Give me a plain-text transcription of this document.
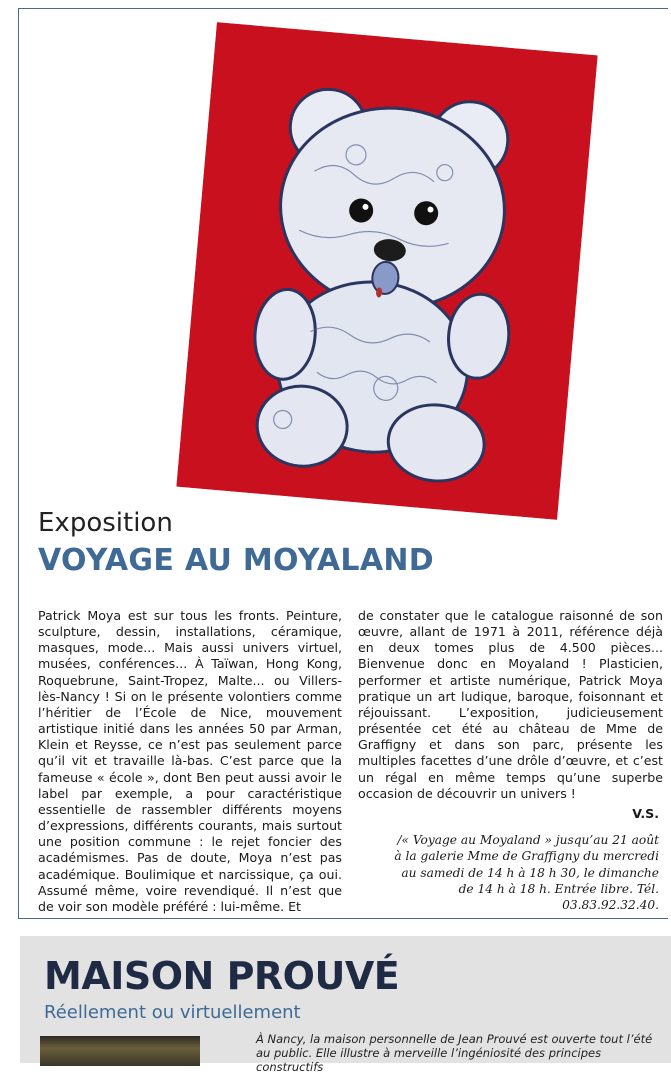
Exposition
VOYAGE AU MOYALAND

Patrick Moya est sur tous les fronts. Peinture, sculpture, dessin, installations, céramique, masques, mode... Mais aussi univers virtuel, musées, conférences... À Taïwan, Hong Kong, Roquebrune, Saint-Tropez, Malte... ou Villers-lès-Nancy ! Si on le présente volontiers comme l’héritier de l’École de Nice, mouvement artistique initié dans les années 50 par Arman, Klein et Reysse, ce n’est pas seulement parce qu’il vit et travaille là-bas. C’est parce que la fameuse « école », dont Ben peut aussi avoir le label par exemple, a pour caractéristique essentielle de rassembler différents moyens d’expressions, différents courants, mais surtout une position commune : le rejet foncier des académismes. Pas de doute, Moya n’est pas académique. Boulimique et narcissique, ça oui. Assumé même, voire revendiqué. Il n’est que de voir son modèle préféré : lui-même. Et

de constater que le catalogue raisonné de son œuvre, allant de 1971 à 2011, référence déjà en deux tomes plus de 4.500 pièces... Bienvenue donc en Moyaland ! Plasticien, performer et artiste numérique, Patrick Moya pratique un art ludique, baroque, foisonnant et réjouissant. L’exposition, judicieusement présentée cet été au château de Mme de Graffigny et dans son parc, présente les multiples facettes d’une drôle d’œuvre, et c’est un régal en même temps qu’une superbe occasion de découvrir un univers !

V.S.
/« Voyage au Moyaland » jusqu’au 21 août
à la galerie Mme de Graffigny du mercredi
au samedi de 14 h à 18 h 30, le dimanche
de 14 h à 18 h. Entrée libre. Tél. 03.83.92.32.40.
MAISON PROUVÉ
Réellement ou virtuellement
À Nancy, la maison personnelle de Jean Prouvé est ouverte tout l’été au public. Elle illustre à merveille l’ingéniosité des principes constructifs
